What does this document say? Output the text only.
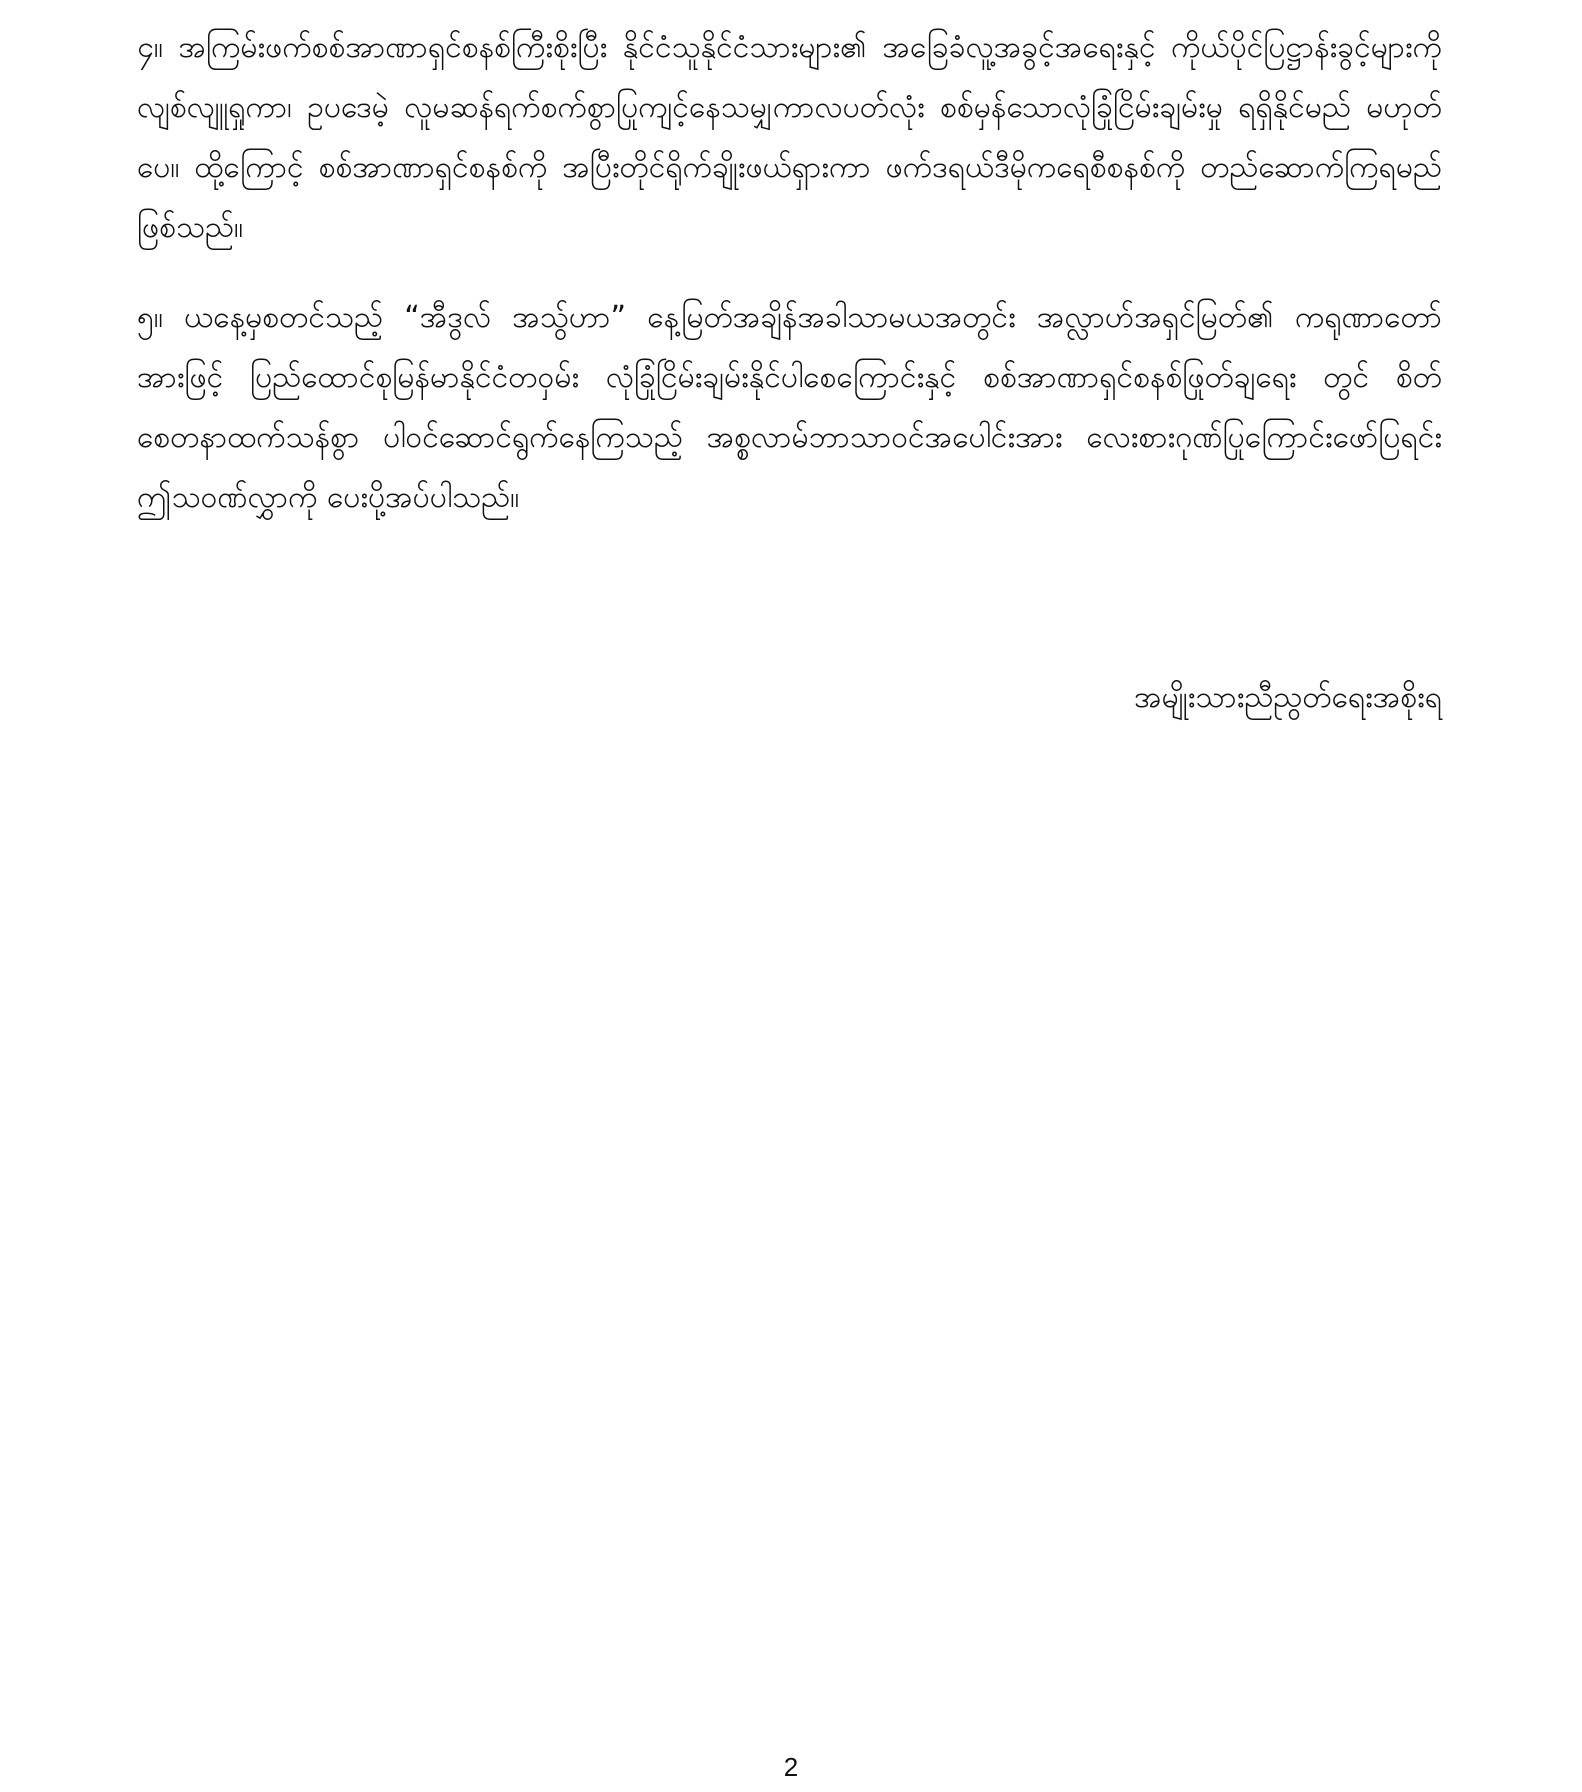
၄။ အကြမ်းဖက်စစ်အာဏာရှင်စနစ်ကြီးစိုးပြီး နိုင်ငံသူနိုင်ငံသားများ၏ အခြေခံလူ့အခွင့်အရေးနှင့် ကိုယ်ပိုင်ပြဋ္ဌာန်းခွင့်များကို လျစ်လျူရှုကာ၊ ဥပဒေမဲ့ လူမဆန်ရက်စက်စွာပြုကျင့်နေသမျှကာလပတ်လုံး စစ်မှန်သောလုံခြုံငြိမ်းချမ်းမှု ရရှိနိုင်မည် မဟုတ်ပေ။ ထို့ကြောင့် စစ်အာဏာရှင်စနစ်ကို အပြီးတိုင်ရိုက်ချိုးဖယ်ရှားကာ ဖက်ဒရယ်ဒီမိုကရေစီစနစ်ကို တည်ဆောက်ကြရမည်ဖြစ်သည်။

၅။ ယနေ့မှစတင်သည့် “အီဒွလ် အသွ်ဟာ” နေ့မြတ်အချိန်အခါသာမယအတွင်း အလ္လာဟ်အရှင်မြတ်၏ ကရုဏာတော်အားဖြင့် ပြည်ထောင်စုမြန်မာနိုင်ငံတဝှမ်း လုံခြုံငြိမ်းချမ်းနိုင်ပါစေကြောင်းနှင့် စစ်အာဏာရှင်စနစ်ဖြုတ်ချရေး တွင် စိတ်စေတနာထက်သန်စွာ ပါဝင်ဆောင်ရွက်နေကြသည့် အစ္စလာမ်ဘာသာဝင်အပေါင်းအား လေးစားဂုဏ်ပြုကြောင်းဖော်ပြရင်း ဤသဝဏ်လွှာကို ပေးပို့အပ်ပါသည်။

အမျိုးသားညီညွတ်ရေးအစိုးရ
2
